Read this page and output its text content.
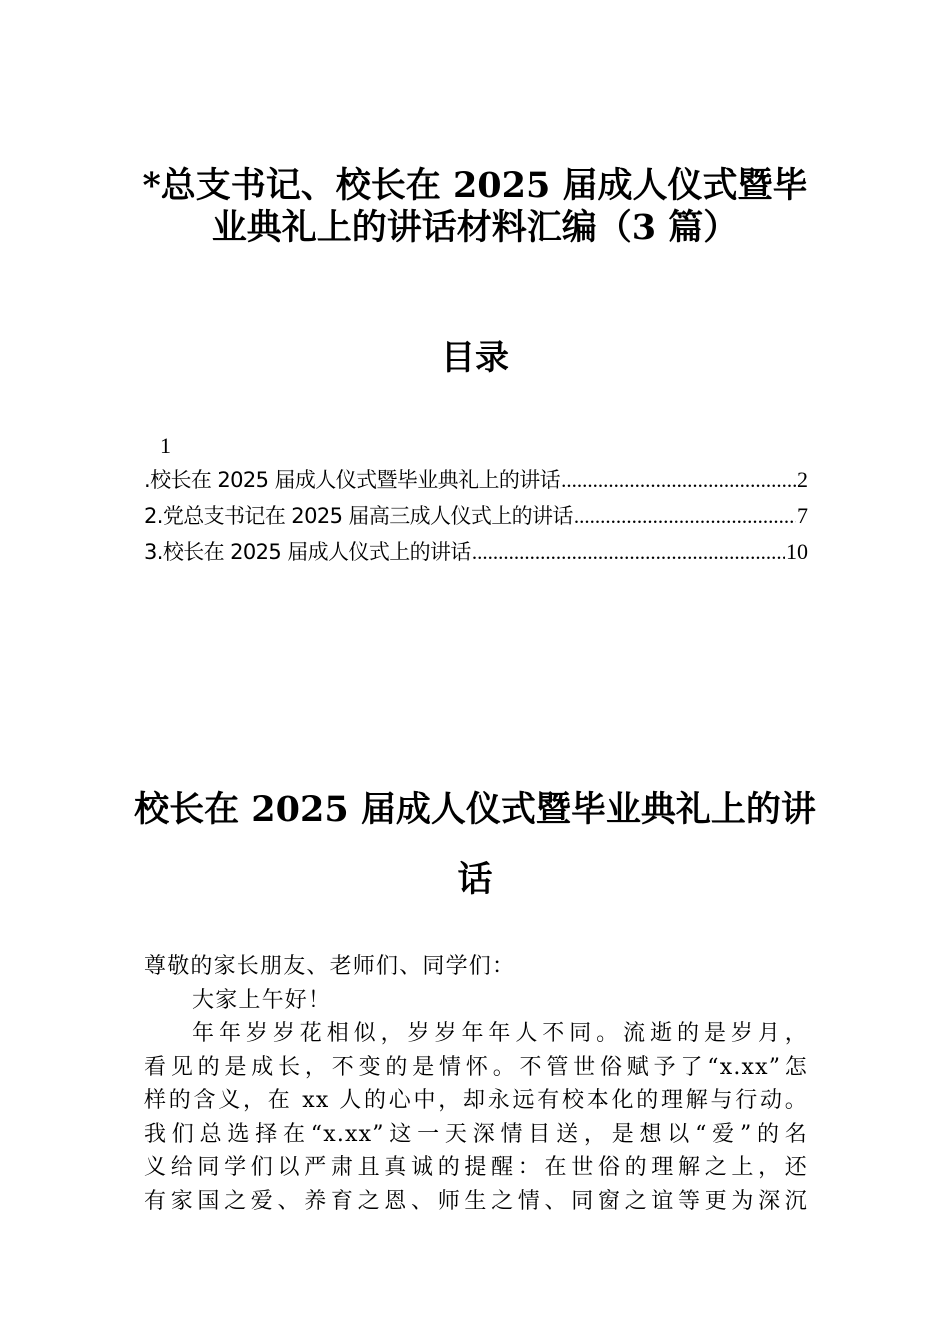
*总支书记、校长在 2025 届成人仪式暨毕
业典礼上的讲话材料汇编（3 篇）
目录
1
.校长在 2025 届成人仪式暨毕业典礼上的讲话 .....	2
2.党总支书记在 2025 届高三成人仪式上的讲话 .....	7
3.校长在 2025 届成人仪式上的讲话 .....	10
校长在 2025 届成人仪式暨毕业典礼上的讲
话
尊敬的家长朋友、老师们、同学们：
大家上午好！
年年岁岁花相似，岁岁年年人不同。流逝的是岁月，
看见的是成长，不变的是情怀。不管世俗赋予了“x.xx”怎
样的含义，在 xx 人的心中，却永远有校本化的理解与行动。
我们总选择在“x.xx”这一天深情目送，是想以“爱”的名
义给同学们以严肃且真诚的提醒：在世俗的理解之上，还
有家国之爱、养育之恩、师生之情、同窗之谊等更为深沉
